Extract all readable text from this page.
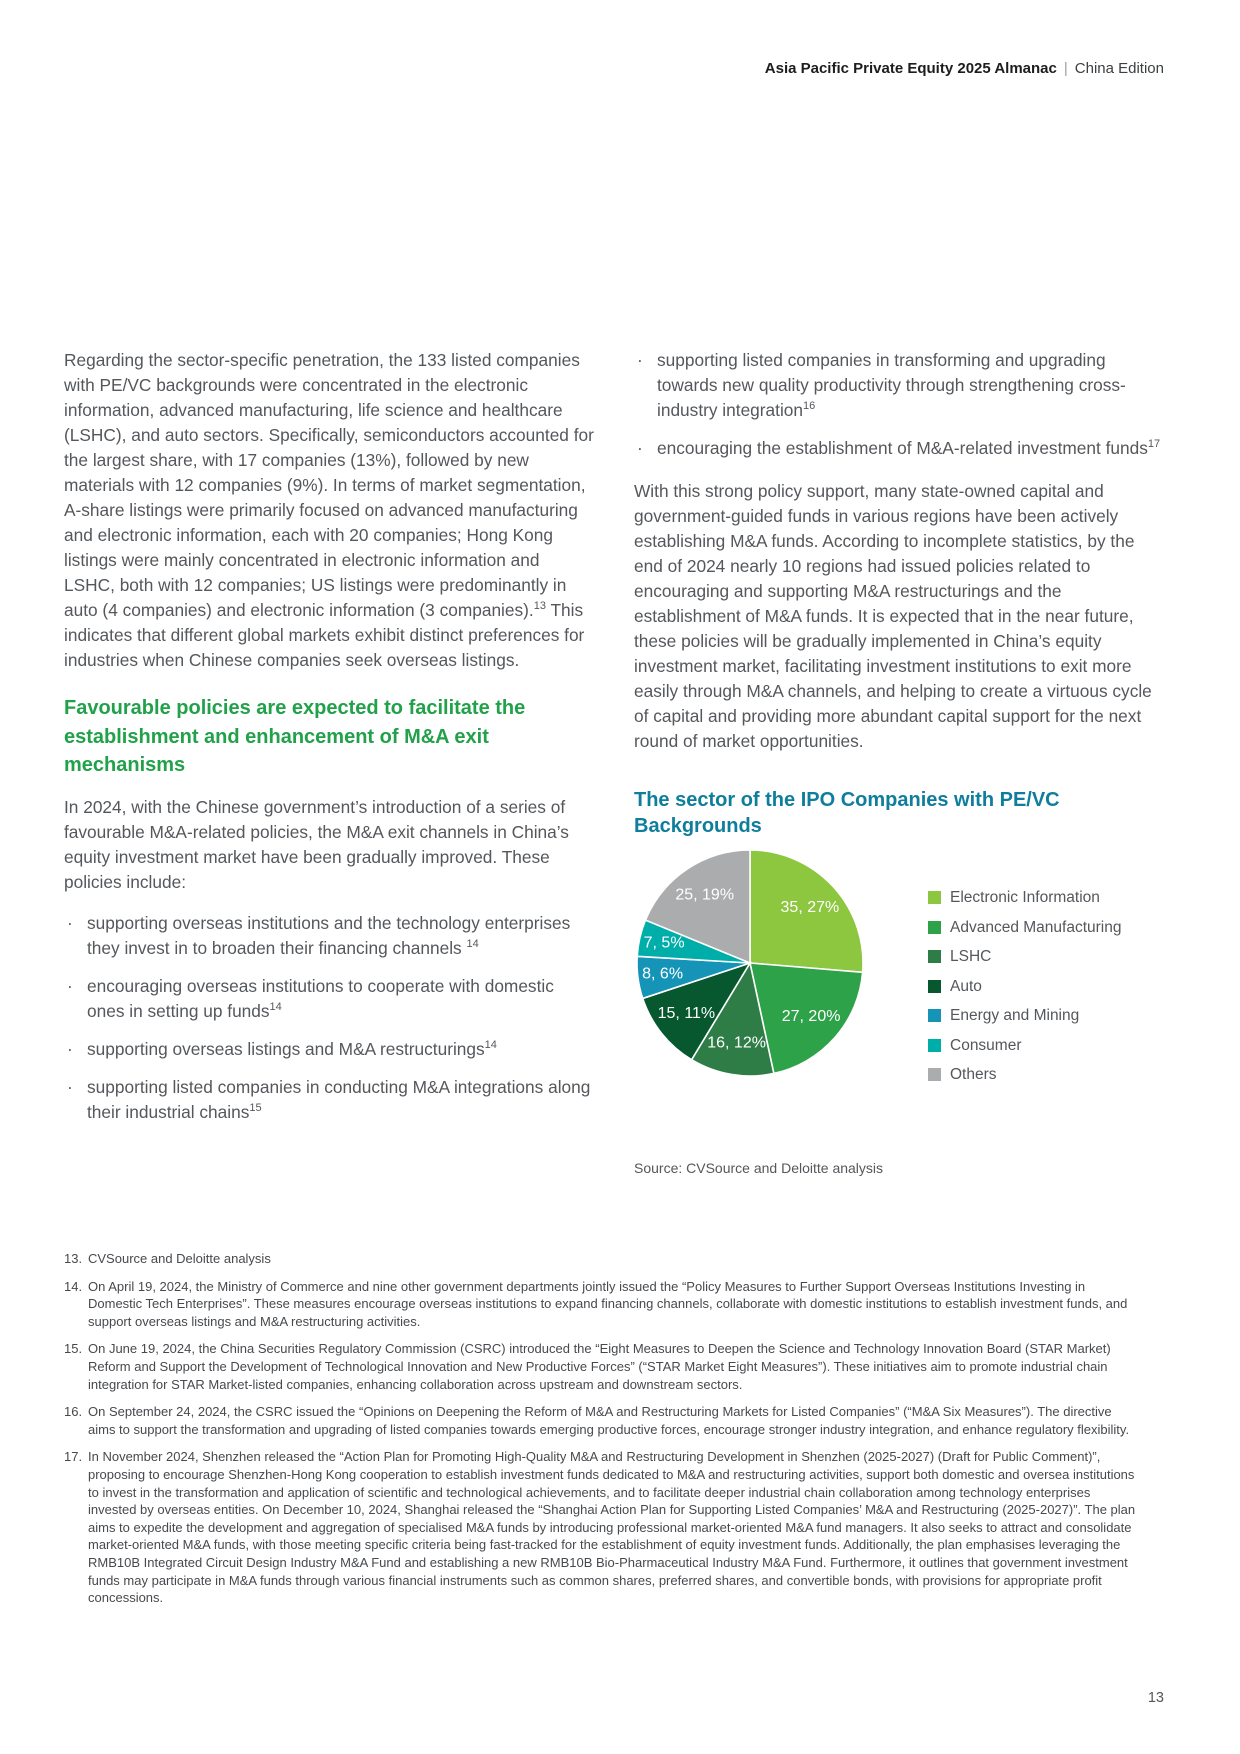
Asia Pacific Private Equity 2025 Almanac | China Edition

Regarding the sector-specific penetration, the 133 listed companies with PE/VC backgrounds were concentrated in the electronic information, advanced manufacturing, life science and healthcare (LSHC), and auto sectors. Specifically, semiconductors accounted for the largest share, with 17 companies (13%), followed by new materials with 12 companies (9%). In terms of market segmentation, A-share listings were primarily focused on advanced manufacturing and electronic information, each with 20 companies; Hong Kong listings were mainly concentrated in electronic information and LSHC, both with 12 companies; US listings were predominantly in auto (4 companies) and electronic information (3 companies).$^{13}$ This indicates that different global markets exhibit distinct preferences for industries when Chinese companies seek overseas listings.

Favourable policies are expected to facilitate the establishment and enhancement of M&A exit mechanisms

In 2024, with the Chinese government’s introduction of a series of favourable M&A-related policies, the M&A exit channels in China’s equity investment market have been gradually improved. These policies include:

· supporting overseas institutions and the technology enterprises they invest in to broaden their financing channels $^{14}$
· encouraging overseas institutions to cooperate with domestic ones in setting up funds$^{14}$
· supporting overseas listings and M&A restructurings$^{14}$
· supporting listed companies in conducting M&A integrations along their industrial chains$^{15}$
· supporting listed companies in transforming and upgrading towards new quality productivity through strengthening cross-industry integration$^{16}$
· encouraging the establishment of M&A-related investment funds$^{17}$

With this strong policy support, many state-owned capital and government-guided funds in various regions have been actively establishing M&A funds. According to incomplete statistics, by the end of 2024 nearly 10 regions had issued policies related to encouraging and supporting M&A restructurings and the establishment of M&A funds. It is expected that in the near future, these policies will be gradually implemented in China’s equity investment market, facilitating investment institutions to exit more easily through M&A channels, and helping to create a virtuous cycle of capital and providing more abundant capital support for the next round of market opportunities.

The sector of the IPO Companies with PE/VC Backgrounds
35, 27%
27, 20%
16, 12%
15, 11%
8, 6%
7, 5%
25, 19%	Electronic Information
Advanced Manufacturing
LSHC
Auto
Energy and Mining
Consumer
Others

Source: CVSource and Deloitte analysis

13. CVSource and Deloitte analysis
14. On April 19, 2024, the Ministry of Commerce and nine other government departments jointly issued the “Policy Measures to Further Support Overseas Institutions Investing in Domestic Tech Enterprises”. These measures encourage overseas institutions to expand financing channels, collaborate with domestic institutions to establish investment funds, and support overseas listings and M&A restructuring activities.
15. On June 19, 2024, the China Securities Regulatory Commission (CSRC) introduced the “Eight Measures to Deepen the Science and Technology Innovation Board (STAR Market) Reform and Support the Development of Technological Innovation and New Productive Forces” (“STAR Market Eight Measures”). These initiatives aim to promote industrial chain integration for STAR Market-listed companies, enhancing collaboration across upstream and downstream sectors.
16. On September 24, 2024, the CSRC issued the “Opinions on Deepening the Reform of M&A and Restructuring Markets for Listed Companies” (“M&A Six Measures”). The directive aims to support the transformation and upgrading of listed companies towards emerging productive forces, encourage stronger industry integration, and enhance regulatory flexibility.
17. In November 2024, Shenzhen released the “Action Plan for Promoting High-Quality M&A and Restructuring Development in Shenzhen (2025-2027) (Draft for Public Comment)”, proposing to encourage Shenzhen-Hong Kong cooperation to establish investment funds dedicated to M&A and restructuring activities, support both domestic and oversea institutions to invest in the transformation and application of scientific and technological achievements, and to facilitate deeper industrial chain collaboration among technology enterprises invested by overseas entities. On December 10, 2024, Shanghai released the “Shanghai Action Plan for Supporting Listed Companies’ M&A and Restructuring (2025-2027)”. The plan aims to expedite the development and aggregation of specialised M&A funds by introducing professional market-oriented M&A fund managers. It also seeks to attract and consolidate market-oriented M&A funds, with those meeting specific criteria being fast-tracked for the establishment of equity investment funds. Additionally, the plan emphasises leveraging the RMB10B Integrated Circuit Design Industry M&A Fund and establishing a new RMB10B Bio-Pharmaceutical Industry M&A Fund. Furthermore, it outlines that government investment funds may participate in M&A funds through various financial instruments such as common shares, preferred shares, and convertible bonds, with provisions for appropriate profit concessions.
13
